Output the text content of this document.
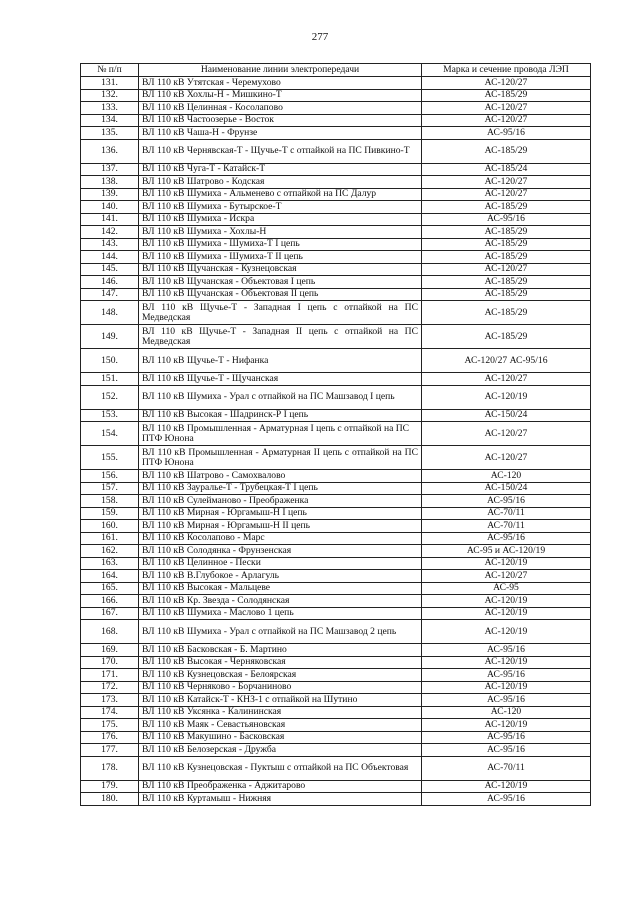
277
№ п/п	Наименование линии электропередачи	Марка и сечение провода ЛЭП
131.	ВЛ 110 кВ Утятская - Черемухово	АС-120/27
132.	ВЛ 110 кВ Хохлы-Н - Мишкино-Т	АС-185/29
133.	ВЛ 110 кВ Целинная - Косолапово	АС-120/27
134.	ВЛ 110 кВ Частоозерье - Восток	АС-120/27
135.	ВЛ 110 кВ Чаша-Н - Фрунзе	АС-95/16
136.	ВЛ 110 кВ Чернявская-Т - Щучье-Т с отпайкой на ПС Пивкино-Т	АС-185/29
137.	ВЛ 110 кВ Чуга-Т - Катайск-Т	АС-185/24
138.	ВЛ 110 кВ Шатрово - Кодская	АС-120/27
139.	ВЛ 110 кВ Шумиха - Альменево с отпайкой на ПС Далур	АС-120/27
140.	ВЛ 110 кВ Шумиха - Бутырское-Т	АС-185/29
141.	ВЛ 110 кВ Шумиха - Искра	АС-95/16
142.	ВЛ 110 кВ Шумиха - Хохлы-Н	АС-185/29
143.	ВЛ 110 кВ Шумиха - Шумиха-Т I цепь	АС-185/29
144.	ВЛ 110 кВ Шумиха - Шумиха-Т II цепь	АС-185/29
145.	ВЛ 110 кВ Щучанская - Кузнецовская	АС-120/27
146.	ВЛ 110 кВ Щучанская - Объектовая I цепь	АС-185/29
147.	ВЛ 110 кВ Щучанская - Объектовая II цепь	АС-185/29
148.	ВЛ 110 кВ Щучье-Т - Западная I цепь с отпайкой на ПС Медведская	АС-185/29
149.	ВЛ 110 кВ Щучье-Т - Западная II цепь с отпайкой на ПС Медведская	АС-185/29
150.	ВЛ 110 кВ Щучье-Т - Нифанка	АС-120/27 АС-95/16
151.	ВЛ 110 кВ Щучье-Т - Щучанская	АС-120/27
152.	ВЛ 110 кВ Шумиха - Урал с отпайкой на ПС Машзавод I цепь	АС-120/19
153.	ВЛ 110 кВ Высокая - Шадринск-Р I цепь	АС-150/24
154.	ВЛ 110 кВ Промышленная - Арматурная I цепь с отпайкой на ПС ПТФ Юнона	АС-120/27
155.	ВЛ 110 кВ Промышленная - Арматурная II цепь с отпайкой на ПС ПТФ Юнона	АС-120/27
156.	ВЛ 110 кВ Шатрово - Самохвалово	АС-120
157.	ВЛ 110 кВ Зауралье-Т - Трубецкая-Т I цепь	АС-150/24
158.	ВЛ 110 кВ Сулейманово - Преображенка	АС-95/16
159.	ВЛ 110 кВ Мирная - Юргамыш-Н I цепь	АС-70/11
160.	ВЛ 110 кВ Мирная - Юргамыш-Н II цепь	АС-70/11
161.	ВЛ 110 кВ Косолапово - Марс	АС-95/16
162.	ВЛ 110 кВ Солодянка - Фрунзенская	АС-95 и АС-120/19
163.	ВЛ 110 кВ Целинное - Пески	АС-120/19
164.	ВЛ 110 кВ В.Глубокое - Арлагуль	АС-120/27
165.	ВЛ 110 кВ Высокая - Мальцеве	АС-95
166.	ВЛ 110 кВ Кр. Звезда - Солодянская	АС-120/19
167.	ВЛ 110 кВ Шумиха - Маслово 1 цепь	АС-120/19
168.	ВЛ 110 кВ Шумиха - Урал с отпайкой на ПС Машзавод 2 цепь	АС-120/19
169.	ВЛ 110 кВ Басковская - Б. Мартино	АС-95/16
170.	ВЛ 110 кВ Высокая - Черняковская	АС-120/19
171.	ВЛ 110 кВ Кузнецовская - Белоярская	АС-95/16
172.	ВЛ 110 кВ Черняково - Борчаниново	АС-120/19
173.	ВЛ 110 кВ Катайск-Т - КНЗ-1 с отпайкой на Шутино	АС-95/16
174.	ВЛ 110 кВ Уксянка - Калининская	АС-120
175.	ВЛ 110 кВ Маяк - Севастьяновская	АС-120/19
176.	ВЛ 110 кВ Макушино - Басковская	АС-95/16
177.	ВЛ 110 кВ Белозерская - Дружба	АС-95/16
178.	ВЛ 110 кВ Кузнецовская - Пуктыш с отпайкой на ПС Объектовая	АС-70/11
179.	ВЛ 110 кВ Преображенка - Аджитарово	АС-120/19
180.	ВЛ 110 кВ Куртамыш - Нижняя	АС-95/16
